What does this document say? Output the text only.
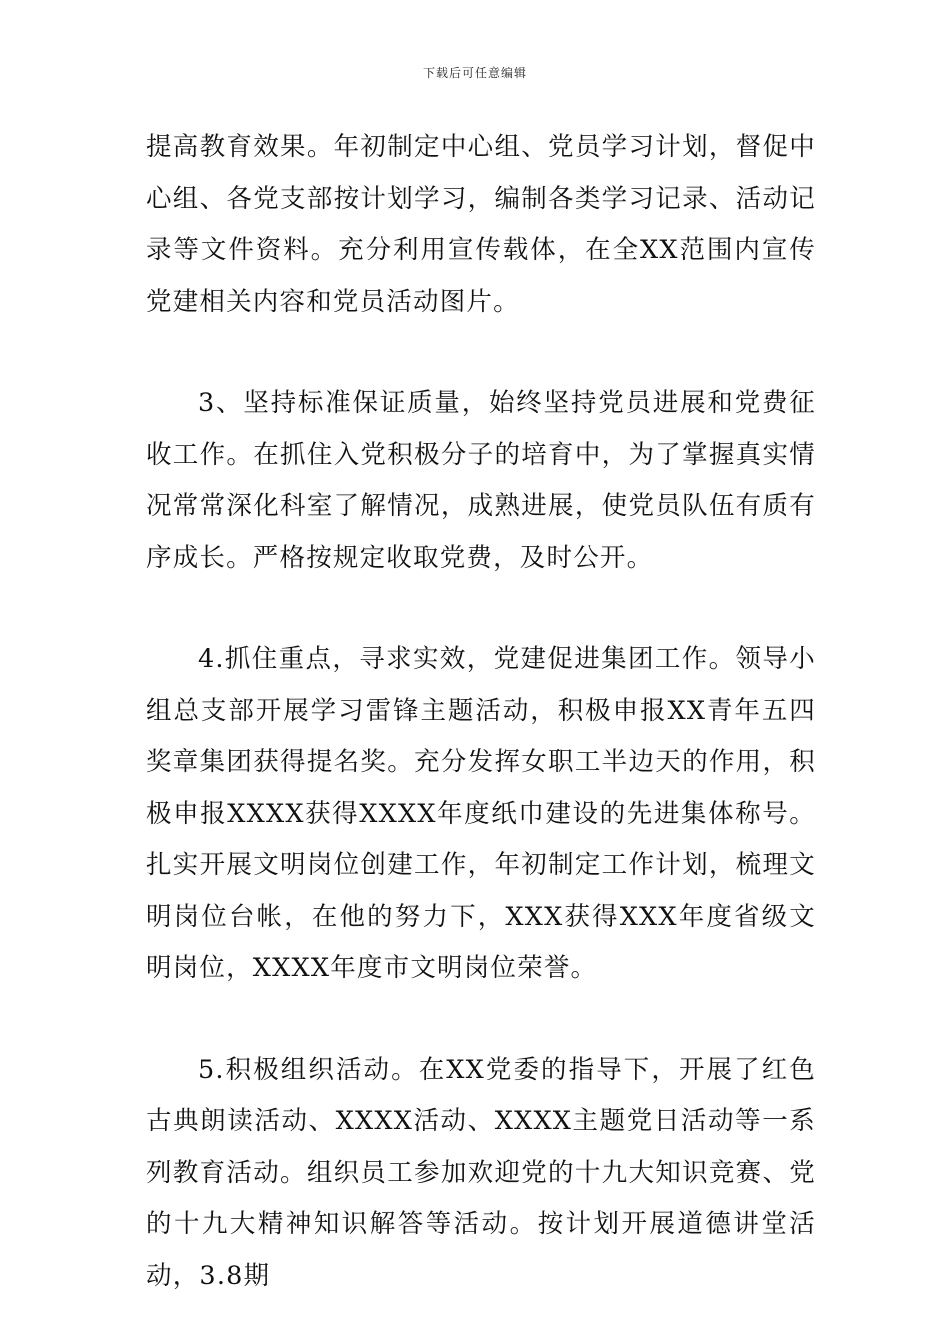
下载后可任意编辑

提高教育效果。年初制定中心组、党员学习计划，督促中心组、各党支部按计划学习，编制各类学习记录、活动记录等文件资料。充分利用宣传载体，在全XX范围内宣传党建相关内容和党员活动图片。

3、坚持标准保证质量，始终坚持党员进展和党费征收工作。在抓住入党积极分子的培育中，为了掌握真实情况常常深化科室了解情况，成熟进展，使党员队伍有质有序成长。严格按规定收取党费，及时公开。

4.抓住重点，寻求实效，党建促进集团工作。领导小组总支部开展学习雷锋主题活动，积极申报XX青年五四奖章集团获得提名奖。充分发挥女职工半边天的作用，积极申报XXXX获得XXXX年度纸巾建设的先进集体称号。扎实开展文明岗位创建工作，年初制定工作计划，梳理文明岗位台帐，在他的努力下，XXX获得XXX年度省级文明岗位，XXXX年度市文明岗位荣誉。

5.积极组织活动。在XX党委的指导下，开展了红色古典朗读活动、XXXX活动、XXXX主题党日活动等一系列教育活动。组织员工参加欢迎党的十九大知识竞赛、党的十九大精神知识解答等活动。按计划开展道德讲堂活动，3.8期
